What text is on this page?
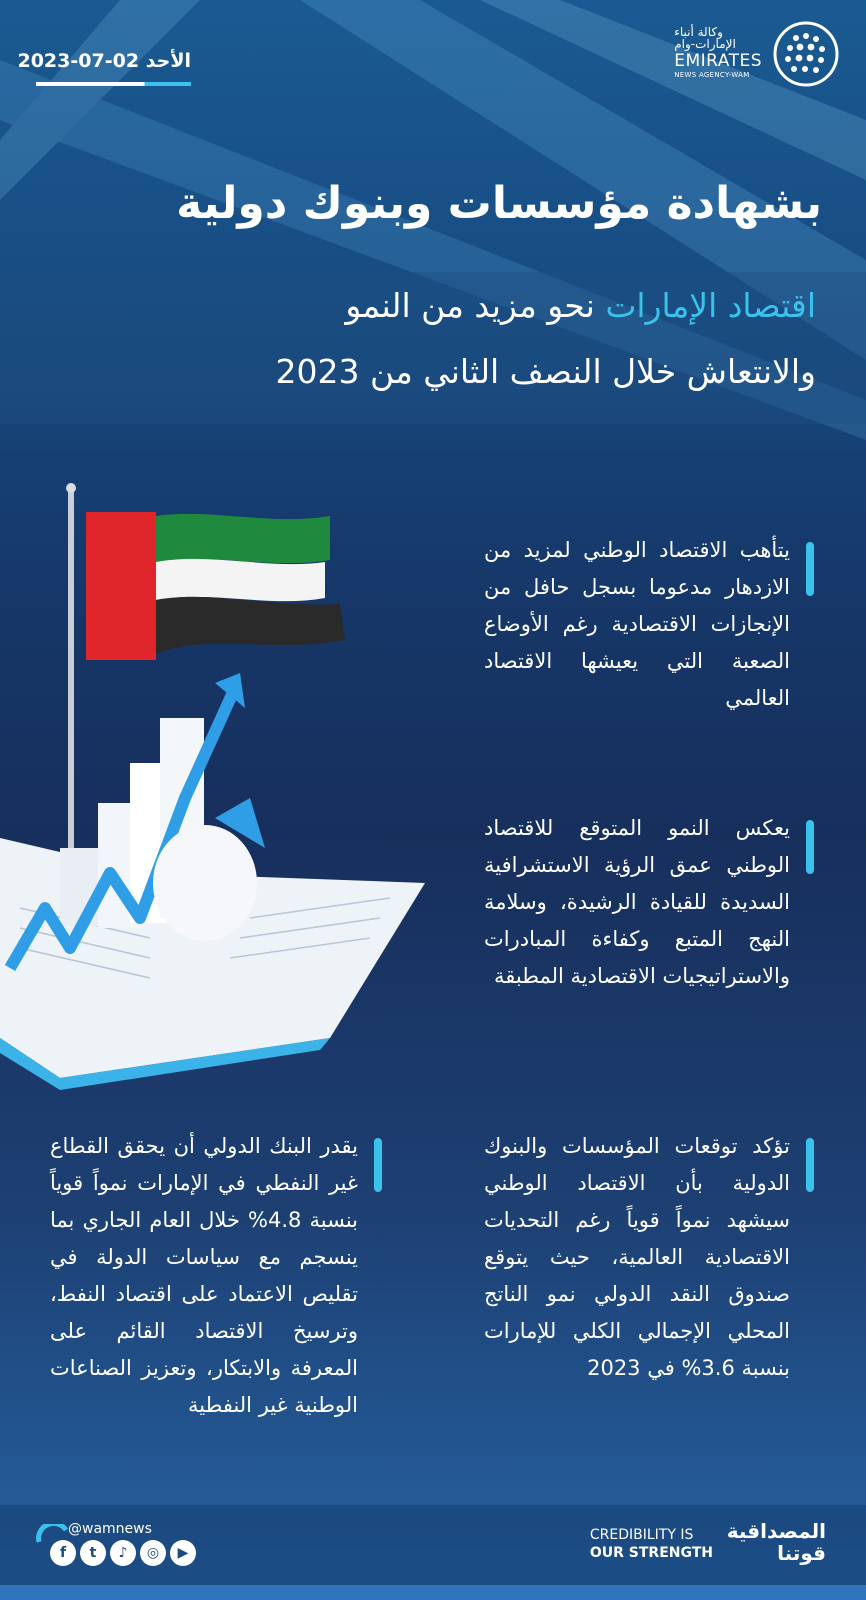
الأحد 02-07-2023
وكالة أنباء الإمارات-وام
EMIRATES
NEWS AGENCY-WAM
بشهادة مؤسسات وبنوك دولية
اقتصاد الإمارات نحو مزيد من النمو
والانتعاش خلال النصف الثاني من 2023
يتأهب الاقتصاد الوطني لمزيد من الازدهار مدعوما بسجل حافل من الإنجازات الاقتصادية رغم الأوضاع الصعبة التي يعيشها الاقتصاد العالمي
يعكس النمو المتوقع للاقتصاد الوطني عمق الرؤية الاستشرافية السديدة للقيادة الرشيدة، وسلامة النهج المتبع وكفاءة المبادرات والاستراتيجيات الاقتصادية المطبقة
تؤكد توقعات المؤسسات والبنوك الدولية بأن الاقتصاد الوطني سيشهد نمواً قوياً رغم التحديات الاقتصادية العالمية، حيث يتوقع صندوق النقد الدولي نمو الناتج المحلي الإجمالي الكلي للإمارات بنسبة 3.6% في 2023
يقدر البنك الدولي أن يحقق القطاع غير النفطي في الإمارات نمواً قوياً بنسبة 4.8% خلال العام الجاري بما ينسجم مع سياسات الدولة في تقليص الاعتماد على اقتصاد النفط، وترسيخ الاقتصاد القائم على المعرفة والابتكار، وتعزيز الصناعات الوطنية غير النفطية
@wamnews
f	t	♪	◎	▶
CREDIBILITY IS
OUR STRENGTH
المصداقية
قوتنا
